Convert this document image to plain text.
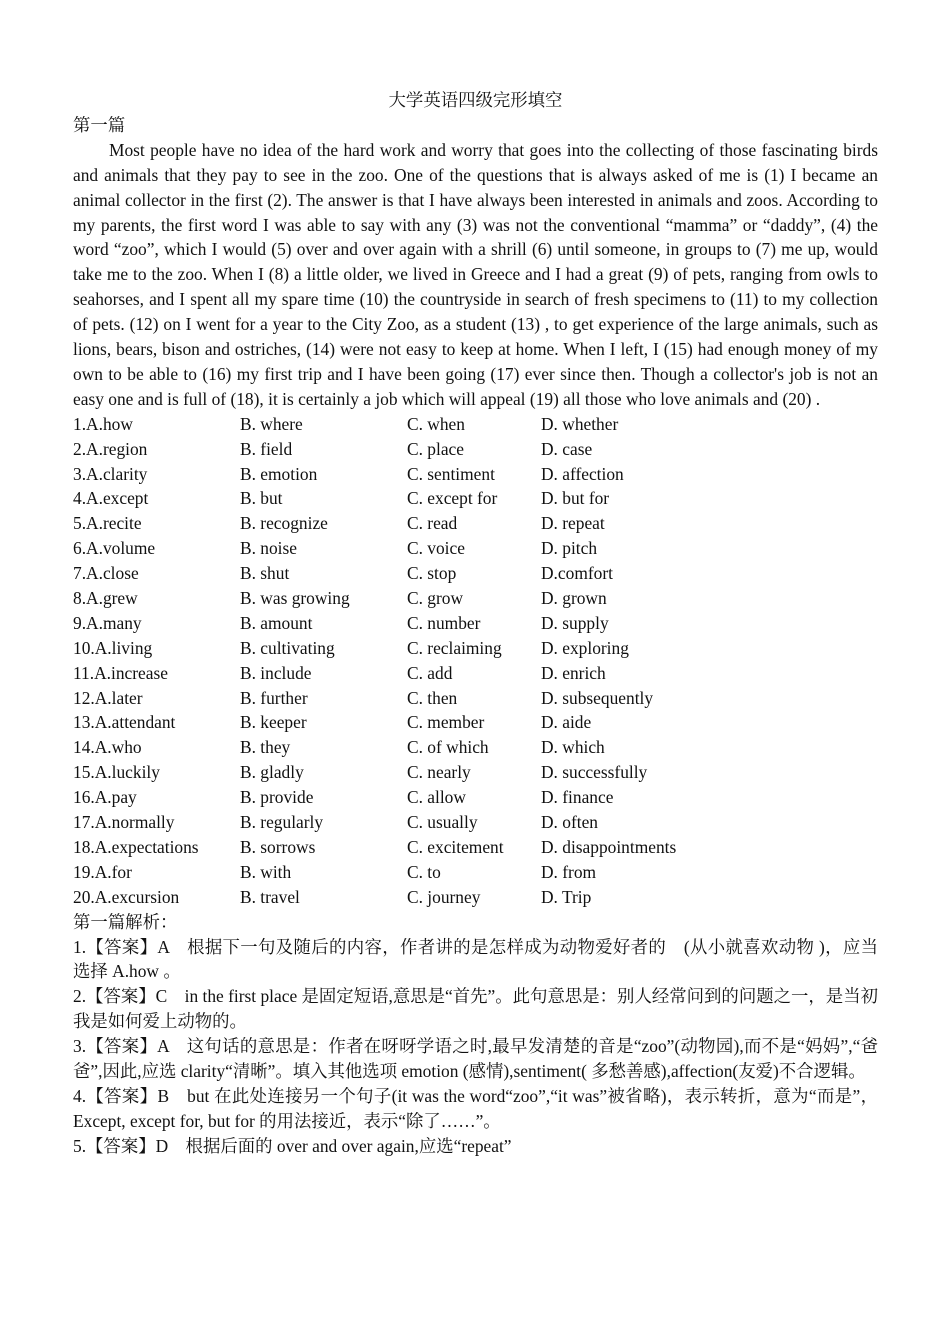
大学英语四级完形填空

第一篇

Most people have no idea of the hard work and worry that goes into the collecting of those fascinating birds and animals that they pay to see in the zoo. One of the questions that is always asked of me is (1) I became an animal collector in the first (2). The answer is that I have always been interested in animals and zoos. According to my parents, the first word I was able to say with any (3) was not the conventional “mamma” or “daddy”, (4) the word “zoo”, which I would (5) over and over again with a shrill (6) until someone, in groups to (7) me up, would take me to the zoo. When I (8) a little older, we lived in Greece and I had a great (9) of pets, ranging from owls to seahorses, and I spent all my spare time (10) the countryside in search of fresh specimens to (11) to my collection of pets. (12) on I went for a year to the City Zoo, as a student (13) , to get experience of the large animals, such as lions, bears, bison and ostriches, (14) were not easy to keep at home. When I left, I (15) had enough money of my own to be able to (16) my first trip and I have been going (17) ever since then. Though a collector's job is not an easy one and is full of (18), it is certainly a job which will appeal (19) all those who love animals and (20) .

1.A.how	B. where	C. when	D. whether
2.A.region	B. field	C. place	D. case
3.A.clarity	B. emotion	C. sentiment	D. affection
4.A.except	B. but	C. except for	D. but for
5.A.recite	B. recognize	C. read	D. repeat
6.A.volume	B. noise	C. voice	D. pitch
7.A.close	B. shut	C. stop	D.comfort
8.A.grew	B. was growing	C. grow	D. grown
9.A.many	B. amount	C. number	D. supply
10.A.living	B. cultivating	C. reclaiming	D. exploring
11.A.increase	B. include	C. add	D. enrich
12.A.later	B. further	C. then	D. subsequently
13.A.attendant	B. keeper	C. member	D. aide
14.A.who	B. they	C. of which	D. which
15.A.luckily	B. gladly	C. nearly	D. successfully
16.A.pay	B. provide	C. allow	D. finance
17.A.normally	B. regularly	C. usually	D. often
18.A.expectations	B. sorrows	C. excitement	D. disappointments
19.A.for	B. with	C. to	D. from
20.A.excursion	B. travel	C. journey	D. Trip

第一篇解析：

1.【答案】A　根据下一句及随后的内容，作者讲的是怎样成为动物爱好者的　(从小就喜欢动物 )，应当选择 A.how 。

2.【答案】C　in the first place 是固定短语,意思是“首先”。此句意思是：别人经常问到的问题之一，是当初我是如何爱上动物的。

3.【答案】A　这句话的意思是：作者在呀呀学语之时,最早发清楚的音是“zoo”(动物园),而不是“妈妈”,“爸爸”,因此,应选 clarity“清晰”。填入其他选项 emotion (感情),sentiment( 多愁善感),affection(友爱)不合逻辑。

4.【答案】B　but 在此处连接另一个句子(it was the word“zoo”,“it was”被省略)，表示转折，意为“而是”，Except, except for, but for 的用法接近，表示“除了……”。

5.【答案】D　根据后面的 over and over again,应选“repeat”
